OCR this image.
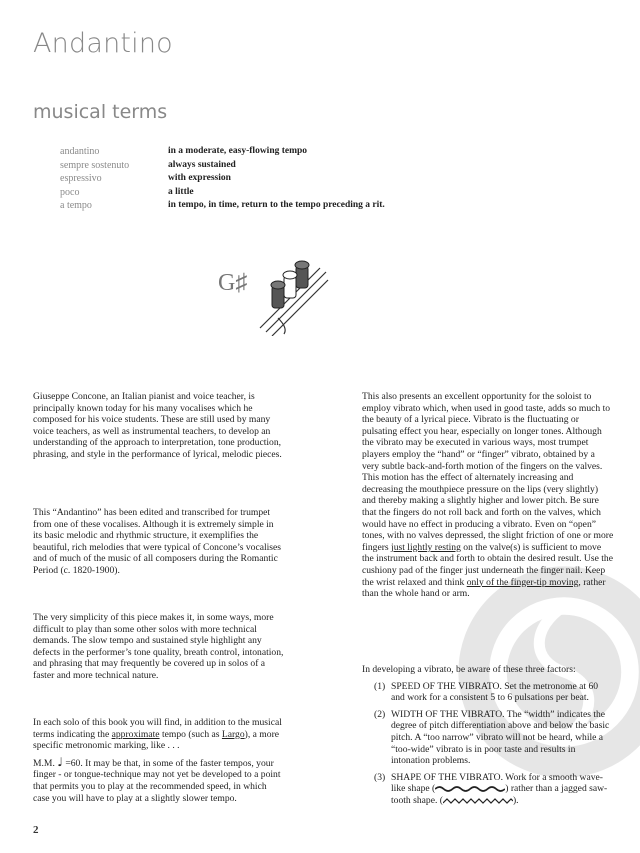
Andantino
musical terms
andantino	in a moderate, easy-flowing tempo
sempre sostenuto	always sustained
espressivo	with expression
poco	a little
a tempo	in tempo, in time, return to the tempo preceding a rit.
G♯

Giuseppe Concone, an Italian pianist and voice teacher, is principally known today for his many vocalises which he composed for his voice students. These are still used by many voice teachers, as well as instrumental teachers, to develop an understanding of the approach to interpretation, tone production, phrasing, and style in the performance of lyrical, melodic pieces.

This “Andantino” has been edited and transcribed for trumpet from one of these vocalises. Although it is extremely simple in its basic melodic and rhythmic structure, it exemplifies the beautiful, rich melodies that were typical of Concone’s vocalises and of much of the music of all composers during the Romantic Period (c. 1820-1900).

The very simplicity of this piece makes it, in some ways, more difficult to play than some other solos with more technical demands. The slow tempo and sustained style highlight any defects in the performer’s tone quality, breath control, intonation, and phrasing that may frequently be covered up in solos of a faster and more technical nature.

In each solo of this book you will find, in addition to the musical terms indicating the approximate tempo (such as Largo), a more specific metronomic marking, like . . .

M.M. ♩ =60. It may be that, in some of the faster tempos, your finger - or tongue-technique may not yet be developed to a point that permits you to play at the recommended speed, in which case you will have to play at a slightly slower tempo.

This also presents an excellent opportunity for the soloist to employ vibrato which, when used in good taste, adds so much to the beauty of a lyrical piece. Vibrato is the fluctuating or pulsating effect you hear, especially on longer tones. Although the vibrato may be executed in various ways, most trumpet players employ the “hand” or “finger” vibrato, obtained by a very subtle back-and-forth motion of the fingers on the valves. This motion has the effect of alternately increasing and decreasing the mouthpiece pressure on the lips (very slightly) and thereby making a slightly higher and lower pitch. Be sure that the fingers do not roll back and forth on the valves, which would have no effect in producing a vibrato. Even on “open” tones, with no valves depressed, the slight friction of one or more fingers just lightly resting on the valve(s) is sufficient to move the instrument back and forth to obtain the desired result. Use the cushiony pad of the finger just underneath the finger nail. Keep the wrist relaxed and think only of the finger-tip moving, rather than the whole hand or arm.

In developing a vibrato, be aware of these three factors:

(1) SPEED OF THE VIBRATO. Set the metronome at 60 and work for a consistent 5 to 6 pulsations per beat.
(2) WIDTH OF THE VIBRATO. The “width” indicates the degree of pitch differentiation above and below the basic pitch. A “too narrow” vibrato will not be heard, while a “too-wide” vibrato is in poor taste and results in intonation problems.
(3) SHAPE OF THE VIBRATO. Work for a smooth wave-like shape (	) rather than a jagged saw-tooth shape. (	).
2
